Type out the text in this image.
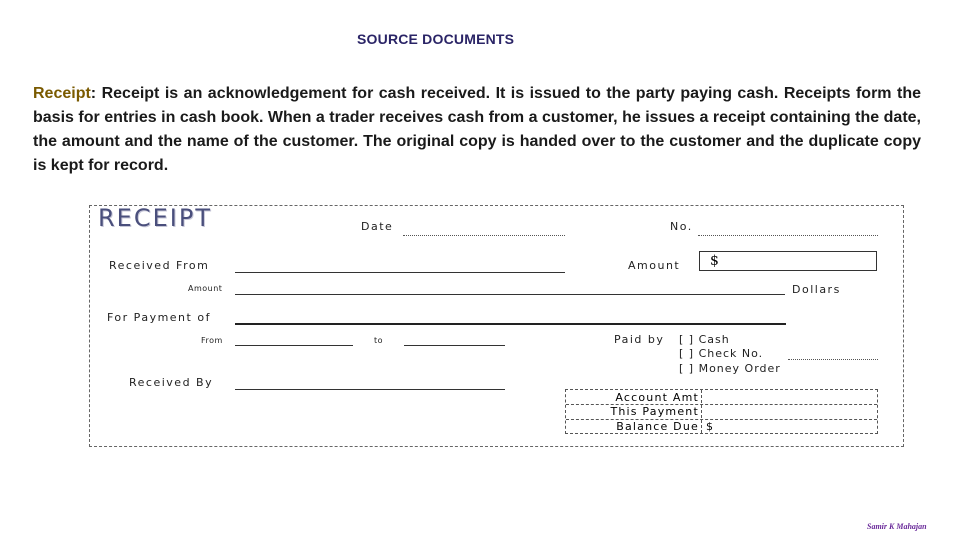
SOURCE DOCUMENTS
Receipt: Receipt is an acknowledgement for cash received. It is issued to the party paying cash. Receipts form the basis for entries in cash book. When a trader receives cash from a customer, he issues a receipt containing the date, the amount and the name of the customer. The original copy is handed over to the customer and the duplicate copy is kept for record.
RECEIPT	Date	No.
Received From	Amount $
Amount	Dollars
For Payment of
From	to	Paid by [ ] Cash
[ ] Check No.
[ ] Money Order
Received By
Account Amt
This Payment
Balance Due $
Samir K Mahajan
